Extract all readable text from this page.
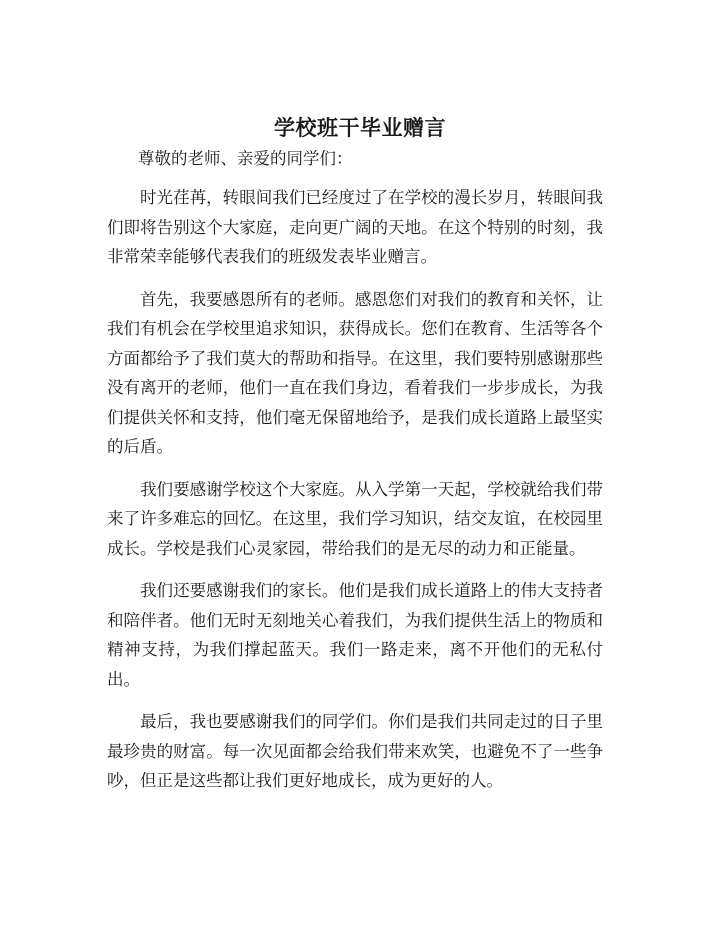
学校班干毕业赠言
尊敬的老师、亲爱的同学们：

时光荏苒，转眼间我们已经度过了在学校的漫长岁月，转眼间我们即将告别这个大家庭，走向更广阔的天地。在这个特别的时刻，我非常荣幸能够代表我们的班级发表毕业赠言。

首先，我要感恩所有的老师。感恩您们对我们的教育和关怀，让我们有机会在学校里追求知识，获得成长。您们在教育、生活等各个方面都给予了我们莫大的帮助和指导。在这里，我们要特别感谢那些没有离开的老师，他们一直在我们身边，看着我们一步步成长，为我们提供关怀和支持，他们毫无保留地给予，是我们成长道路上最坚实的后盾。

我们要感谢学校这个大家庭。从入学第一天起，学校就给我们带来了许多难忘的回忆。在这里，我们学习知识，结交友谊，在校园里成长。学校是我们心灵家园，带给我们的是无尽的动力和正能量。

我们还要感谢我们的家长。他们是我们成长道路上的伟大支持者和陪伴者。他们无时无刻地关心着我们，为我们提供生活上的物质和精神支持，为我们撑起蓝天。我们一路走来，离不开他们的无私付出。

最后，我也要感谢我们的同学们。你们是我们共同走过的日子里最珍贵的财富。每一次见面都会给我们带来欢笑，也避免不了一些争吵，但正是这些都让我们更好地成长，成为更好的人。
